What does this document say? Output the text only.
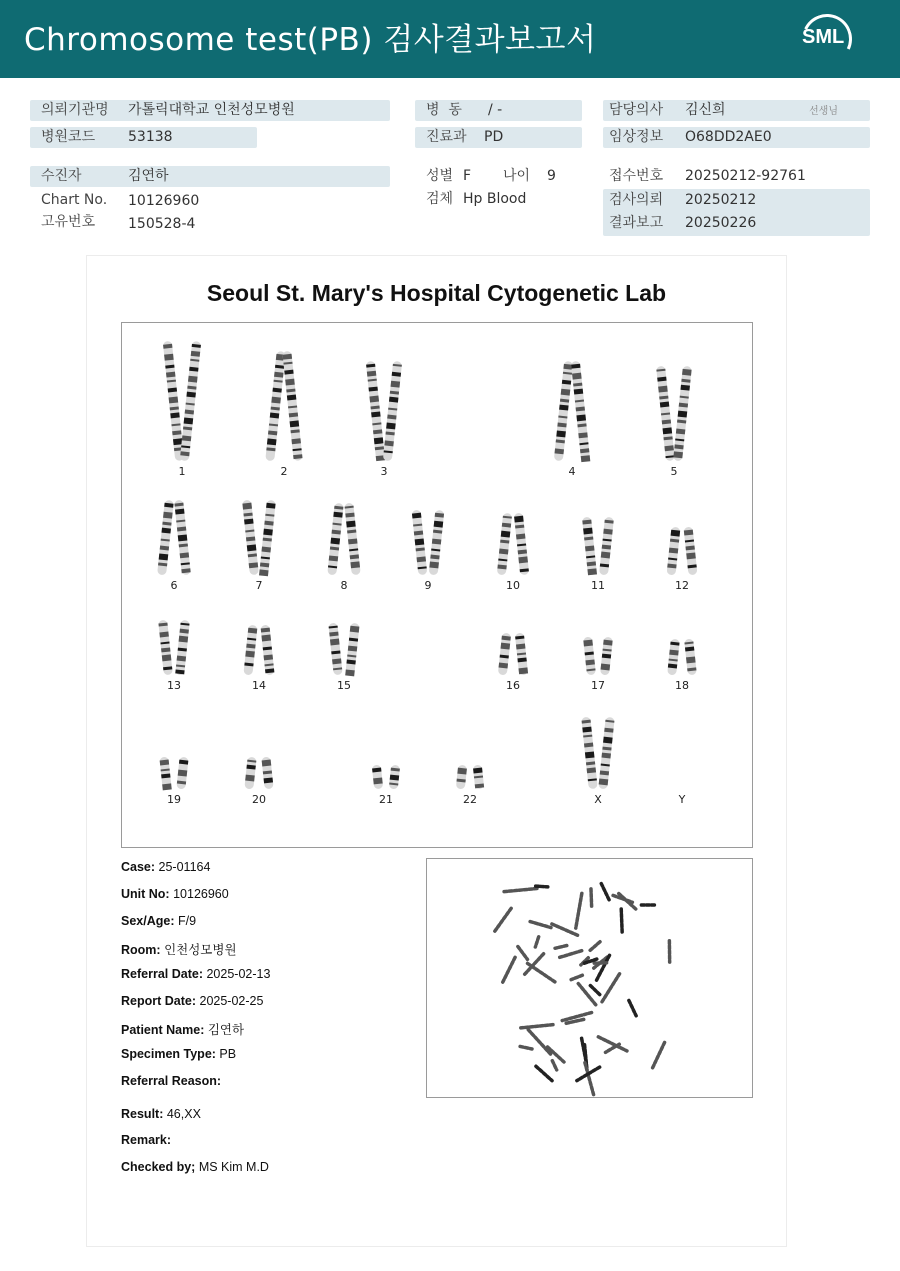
Chromosome test(PB) 검사결과보고서	SML
의뢰기관명 가톨릭대학교 인천성모병원
병원코드 53138
병  동 / -
진료과 PD
담당의사 김신희	선생님
임상정보 O68DD2AE0
수진자	김연하
Chart No. 10126960
고유번호 150528-4
성별 F 나이 9
검체 Hp Blood
접수번호 20250212-92761
검사의뢰 20250212
결과보고 20250226
Seoul St. Mary's Hospital Cytogenetic Lab
1	2	3	4	5
6	7	8	9	10	11	12
13	14	15	16	17	18
19	20	21	22	X	Y
Case: 25-01164
Unit No: 10126960
Sex/Age: F/9
Room: 인천성모병원
Referral Date: 2025-02-13
Report Date: 2025-02-25
Patient Name: 김연하
Specimen Type: PB
Referral Reason:
Result: 46,XX
Remark:
Checked by; MS Kim M.D
